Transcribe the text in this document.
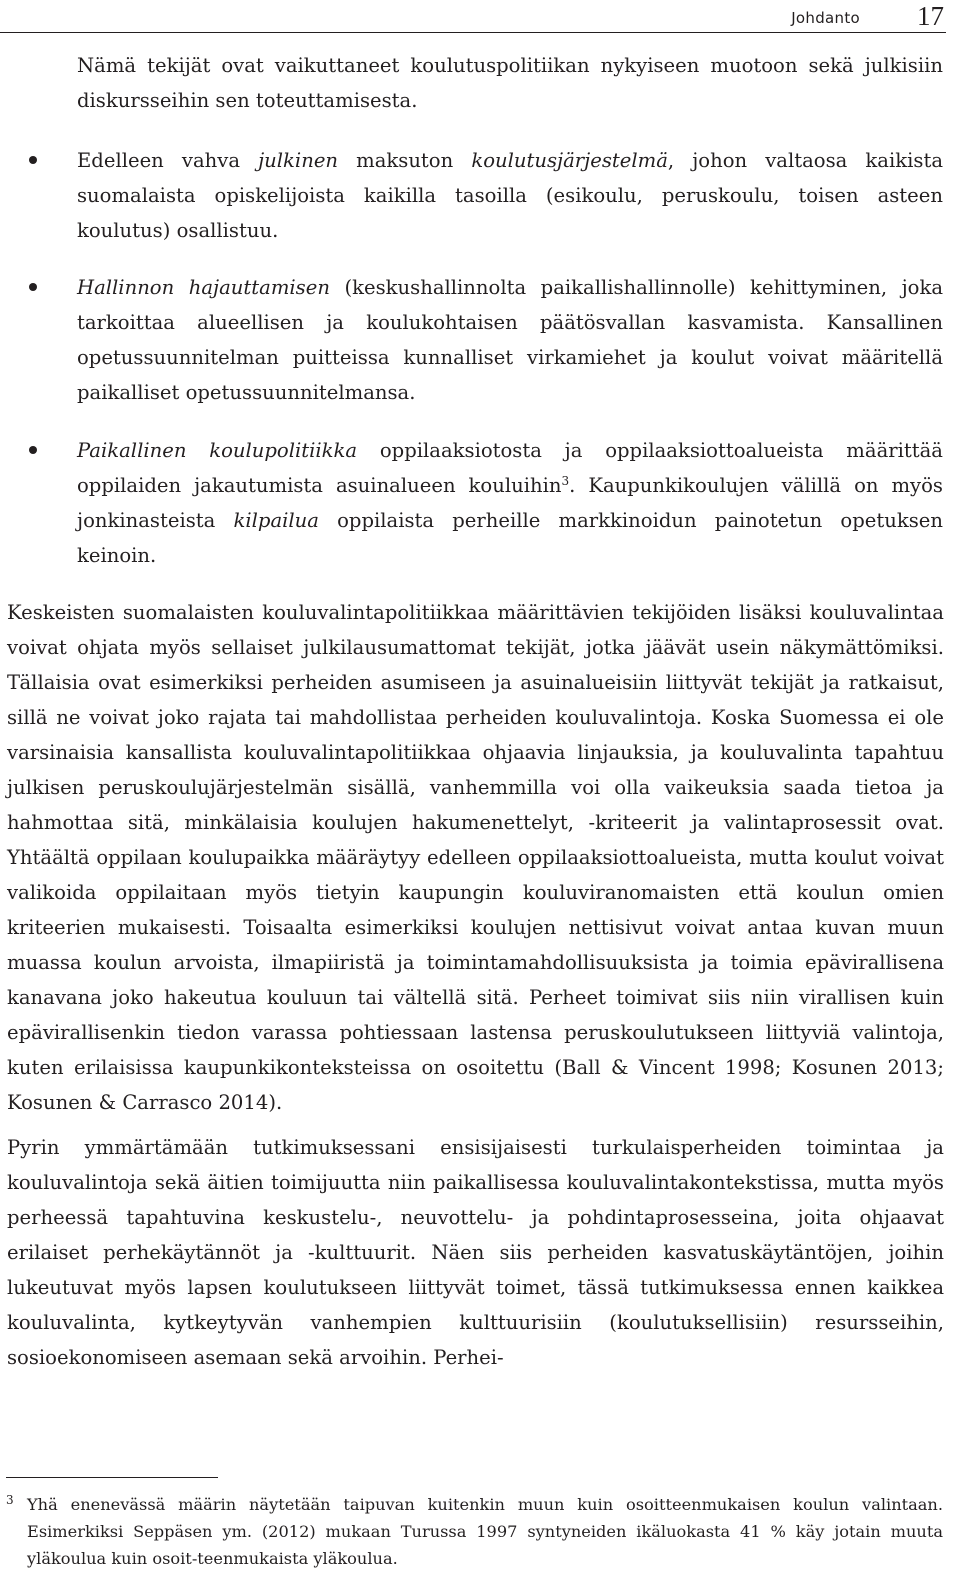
Johdanto 17
Nämä tekijät ovat vaikuttaneet koulutuspolitiikan nykyiseen muotoon sekä julkisiin diskursseihin sen toteuttamisesta.
Edelleen vahva julkinen maksuton koulutusjärjestelmä, johon valtaosa kaikista suomalaista opiskelijoista kaikilla tasoilla (esikoulu, peruskoulu, toisen asteen koulutus) osallistuu.
Hallinnon hajauttamisen (keskushallinnolta paikallishallinnolle) kehittyminen, joka tarkoittaa alueellisen ja koulukohtaisen päätösvallan kasvamista. Kansallinen opetussuunnitelman puitteissa kunnalliset virkamiehet ja koulut voivat määritellä paikalliset opetussuunnitelmansa.
Paikallinen koulupolitiikka oppilaaksiotosta ja oppilaaksiottoalueista määrittää oppilaiden jakautumista asuinalueen kouluihin$^3$. Kaupunkikoulujen välillä on myös jonkinasteista kilpailua oppilaista perheille markkinoidun painotetun opetuksen keinoin.

Keskeisten suomalaisten kouluvalintapolitiikkaa määrittävien tekijöiden lisäksi kouluvalintaa voivat ohjata myös sellaiset julkilausumattomat tekijät, jotka jäävät usein näkymättömiksi. Tällaisia ovat esimerkiksi perheiden asumiseen ja asuinalueisiin liittyvät tekijät ja ratkaisut, sillä ne voivat joko rajata tai mahdollistaa perheiden kouluvalintoja. Koska Suomessa ei ole varsinaisia kansallista kouluvalintapolitiikkaa ohjaavia linjauksia, ja kouluvalinta tapahtuu julkisen peruskoulujärjestelmän sisällä, vanhemmilla voi olla vaikeuksia saada tietoa ja hahmottaa sitä, minkälaisia koulujen hakumenettelyt, -kriteerit ja valintaprosessit ovat. Yhtäältä oppilaan koulupaikka määräytyy edelleen oppilaaksiottoalueista, mutta koulut voivat valikoida oppilaitaan myös tietyin kaupungin kouluviranomaisten että koulun omien kriteerien mukaisesti. Toisaalta esimerkiksi koulujen nettisivut voivat antaa kuvan muun muassa koulun arvoista, ilmapiiristä ja toimintamahdollisuuksista ja toimia epävirallisena kanavana joko hakeutua kouluun tai vältellä sitä. Perheet toimivat siis niin virallisen kuin epävirallisenkin tiedon varassa pohtiessaan lastensa peruskoulutukseen liittyviä valintoja, kuten erilaisissa kaupunkikonteksteissa on osoitettu (Ball & Vincent 1998; Kosunen 2013; Kosunen & Carrasco 2014).

Pyrin ymmärtämään tutkimuksessani ensisijaisesti turkulaisperheiden toimintaa ja kouluvalintoja sekä äitien toimijuutta niin paikallisessa kouluvalintakontekstissa, mutta myös perheessä tapahtuvina keskustelu-, neuvottelu- ja pohdintaprosesseina, joita ohjaavat erilaiset perhekäytännöt ja -kulttuurit. Näen siis perheiden kasvatuskäytäntöjen, joihin lukeutuvat myös lapsen koulutukseen liittyvät toimet, tässä tutkimuksessa ennen kaikkea kouluvalinta, kytkeytyvän vanhempien kulttuurisiin (koulutuksellisiin) resursseihin, sosioekonomiseen asemaan sekä arvoihin. Perhei-

3 Yhä enenevässä määrin näytetään taipuvan kuitenkin muun kuin osoitteenmukaisen koulun valintaan. Esimerkiksi Seppäsen ym. (2012) mukaan Turussa 1997 syntyneiden ikäluokasta 41 % käy jotain muuta yläkoulua kuin osoit-teenmukaista yläkoulua.
